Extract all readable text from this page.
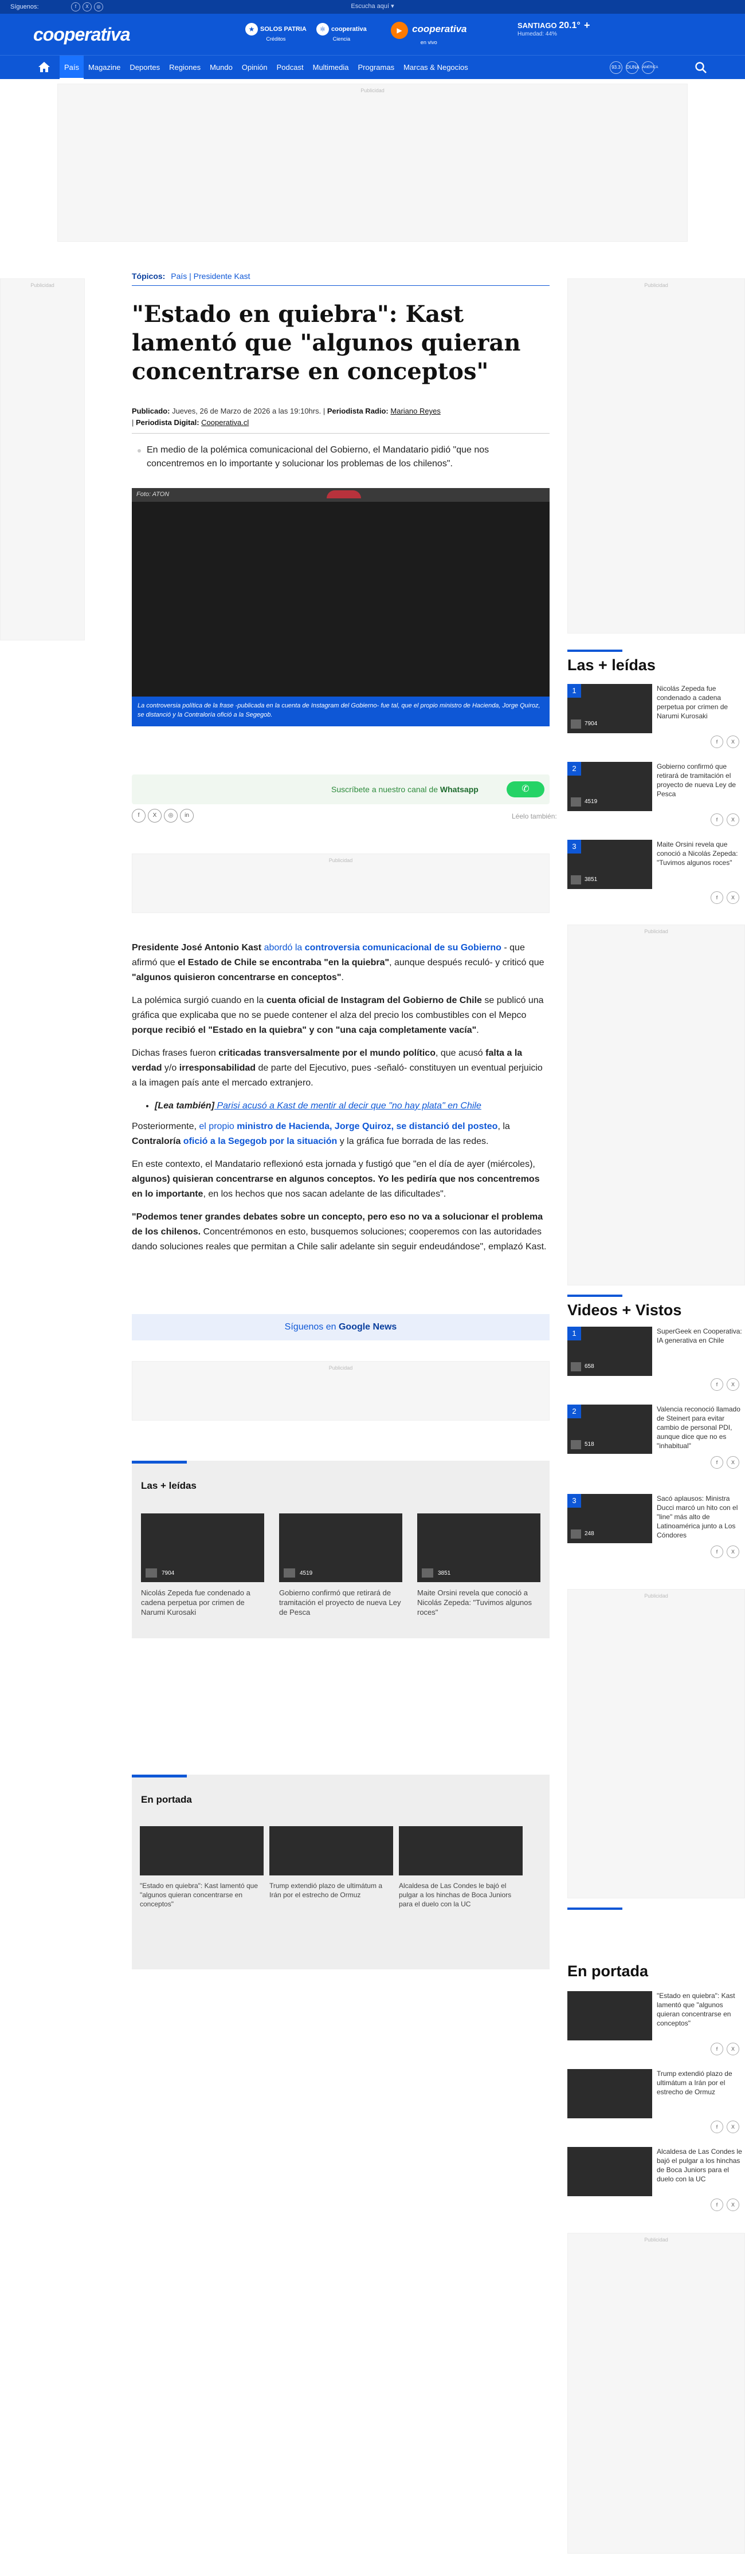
Escucha aquí ▾
Síguenos:	f	X	◎
cooperativa	★ SOLOS PATRIA
Créditos
⚛ cooperativa
Ciencia
▶ cooperativa
en vivo
SANTIAGO 20.1°
Humedad: 44%
+
País	Magazine	Deportes	Regiones	Mundo	Opinión	Podcast	Multimedia	Programas	Marcas & Negocios	93.3	DUNA AMÉRICA
Publicidad
Publicidad	Publicidad
Tópicos: País | Presidente Kast
"Estado en quiebra": Kast lamentó que "algunos quieran concentrarse en conceptos"
Publicado: Jueves, 26 de Marzo de 2026 a las 19:10hrs. | Periodista Radio: Mariano Reyes
| Periodista Digital: Cooperativa.cl

En medio de la polémica comunicacional del Gobierno, el Mandatario pidió "que nos concentremos en lo importante y solucionar los problemas de los chilenos".

Foto: ATON
La controversia política de la frase -publicada en la cuenta de Instagram del Gobierno- fue tal, que el propio ministro de Hacienda, Jorge Quiroz, se distanció y la Contraloría ofició a la Segegob.
Suscríbete a nuestro canal de Whatsapp	✆
f	X	◎	in	Léelo también:
Publicidad

Presidente José Antonio Kast abordó la controversia comunicacional de su Gobierno - que afirmó que el Estado de Chile se encontraba "en la quiebra", aunque después reculó- y criticó que "algunos quisieron concentrarse en conceptos".

La polémica surgió cuando en la cuenta oficial de Instagram del Gobierno de Chile se publicó una gráfica que explicaba que no se puede contener el alza del precio los combustibles con el Mepco porque recibió el "Estado en la quiebra" y con "una caja completamente vacía".

Dichas frases fueron criticadas transversalmente por el mundo político, que acusó falta a la verdad y/o irresponsabilidad de parte del Ejecutivo, pues -señaló- constituyen un eventual perjuicio a la imagen país ante el mercado extranjero.

• [Lea también] Parisi acusó a Kast de mentir al decir que "no hay plata" en Chile

Posteriormente, el propio ministro de Hacienda, Jorge Quiroz, se distanció del posteo, la Contraloría ofició a la Segegob por la situación y la gráfica fue borrada de las redes.

En este contexto, el Mandatario reflexionó esta jornada y fustigó que "en el día de ayer (miércoles), algunos) quisieran concentrarse en algunos conceptos. Yo les pediría que nos concentremos en lo importante, en los hechos que nos sacan adelante de las dificultades".

"Podemos tener grandes debates sobre un concepto, pero eso no va a solucionar el problema de los chilenos. Concentrémonos en esto, busquemos soluciones; cooperemos con las autoridades dando soluciones reales que permitan a Chile salir adelante sin seguir endeudándose", emplazó Kast.

Síguenos en Google News
Publicidad
Las + leídas
7904
Nicolás Zepeda fue condenado a cadena perpetua por crimen de Narumi Kurosaki
4519
Gobierno confirmó que retirará de tramitación el proyecto de nueva Ley de Pesca
3851
Maite Orsini revela que conoció a Nicolás Zepeda: "Tuvimos algunos roces"
En portada
"Estado en quiebra": Kast lamentó que "algunos quieran concentrarse en conceptos"
Trump extendió plazo de ultimátum a Irán por el estrecho de Ormuz
Alcaldesa de Las Condes le bajó el pulgar a los hinchas de Boca Juniors para el duelo con la UC
Las + leídas
1
7904
Nicolás Zepeda fue condenado a cadena perpetua por crimen de Narumi Kurosaki
f	X
2
4519
Gobierno confirmó que retirará de tramitación el proyecto de nueva Ley de Pesca
f	X
3
3851
Maite Orsini revela que conoció a Nicolás Zepeda: "Tuvimos algunos roces"
f	X
Publicidad
Videos + Vistos
1
658
SuperGeek en Cooperativa: IA generativa en Chile
f	X
2
518
Valencia reconoció llamado de Steinert para evitar cambio de personal PDI, aunque dice que no es "inhabitual"
f	X
3
248
Sacó aplausos: Ministra Ducci marcó un hito con el "line" más alto de Latinoamérica junto a Los Cóndores
f	X
Publicidad
En portada
"Estado en quiebra": Kast lamentó que "algunos quieran concentrarse en conceptos"
f	X
Trump extendió plazo de ultimátum a Irán por el estrecho de Ormuz
f	X
Alcaldesa de Las Condes le bajó el pulgar a los hinchas de Boca Juniors para el duelo con la UC
f	X
Publicidad
